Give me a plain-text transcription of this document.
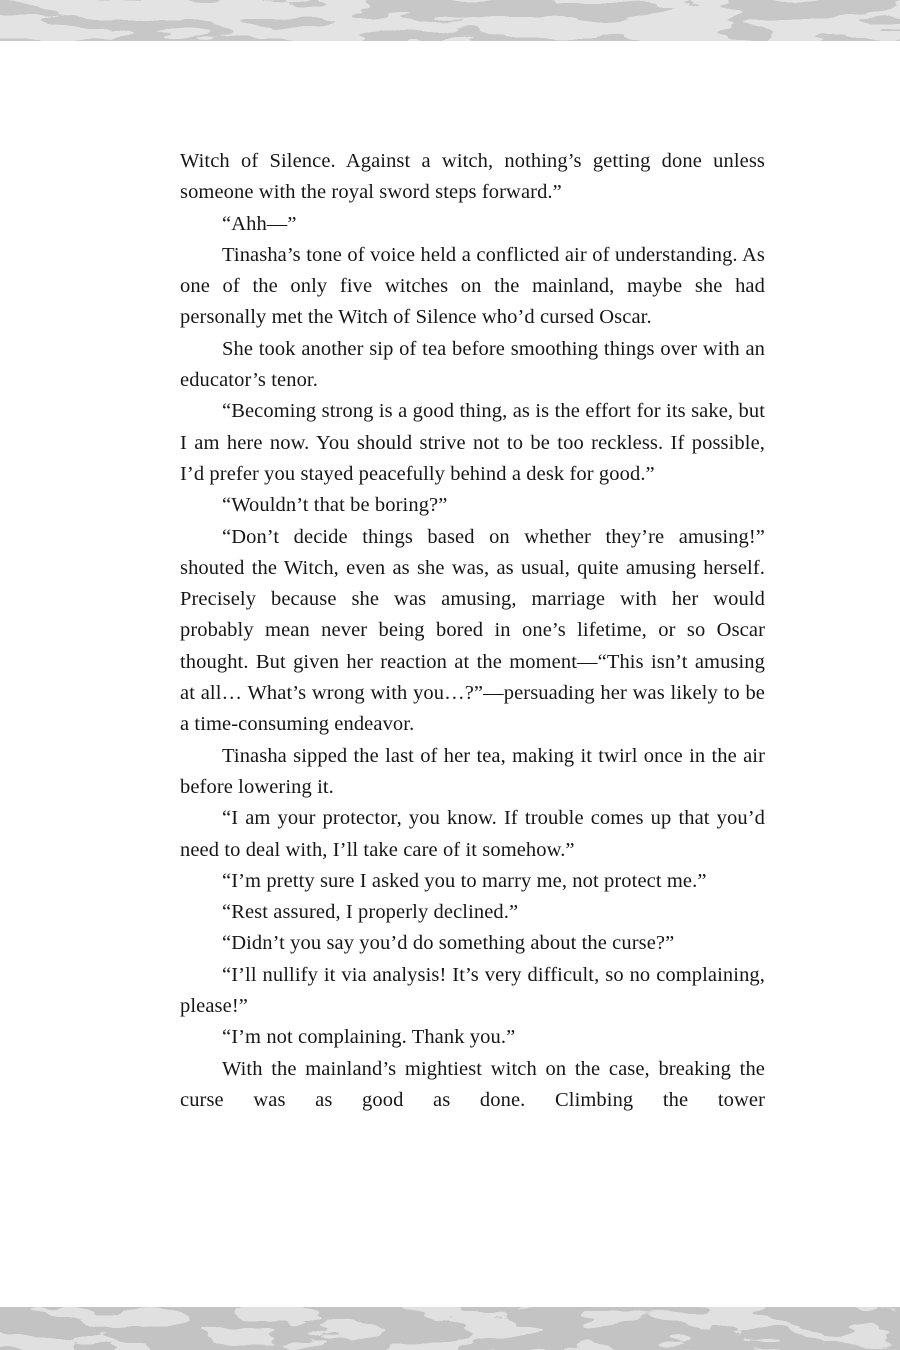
Witch of Silence. Against a witch, nothing’s getting done unless someone with the royal sword steps forward.”

“Ahh—”

Tinasha’s tone of voice held a conflicted air of understanding. As one of the only five witches on the mainland, maybe she had personally met the Witch of Silence who’d cursed Oscar.

She took another sip of tea before smoothing things over with an educator’s tenor.

“Becoming strong is a good thing, as is the effort for its sake, but I am here now. You should strive not to be too reckless. If possible, I’d prefer you stayed peacefully behind a desk for good.”

“Wouldn’t that be boring?”

“Don’t decide things based on whether they’re amusing!” shouted the Witch, even as she was, as usual, quite amusing herself. Precisely because she was amusing, marriage with her would probably mean never being bored in one’s lifetime, or so Oscar thought. But given her reaction at the moment—“This isn’t amusing at all… What’s wrong with you…?”—persuading her was likely to be a time-consuming endeavor.

Tinasha sipped the last of her tea, making it twirl once in the air before lowering it.

“I am your protector, you know. If trouble comes up that you’d need to deal with, I’ll take care of it somehow.”

“I’m pretty sure I asked you to marry me, not protect me.”

“Rest assured, I properly declined.”

“Didn’t you say you’d do something about the curse?”

“I’ll nullify it via analysis! It’s very difficult, so no complaining, please!”

“I’m not complaining. Thank you.”

With the mainland’s mightiest witch on the case, breaking the curse was as good as done. Climbing the tower
